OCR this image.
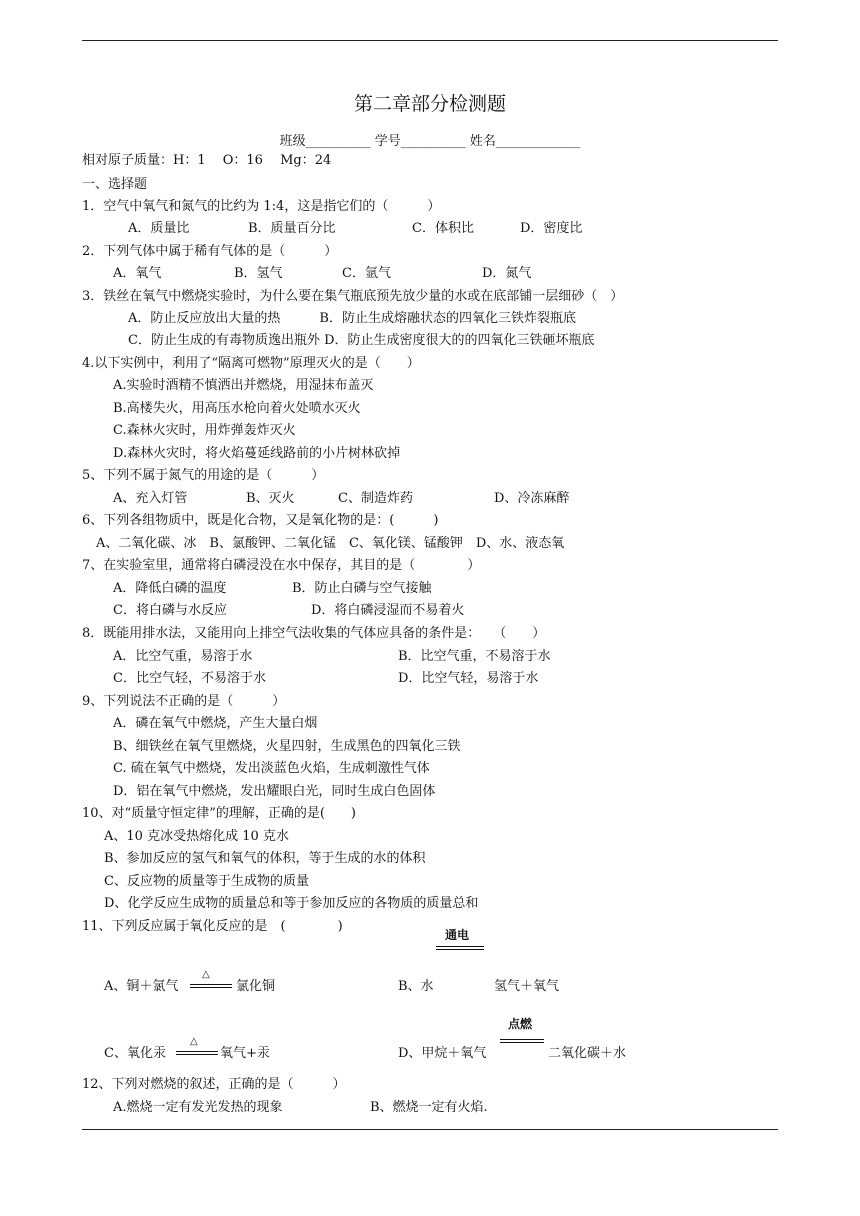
第二章部分检测题
班级__________ 学号__________ 姓名_____________
相对原子质量：H：1　 O：16　 Mg：24
一、选择题
1．空气中氧气和氮气的比约为 1:4，这是指它们的（　　　）
A．质量比	B．质量百分比	C．体积比	D．密度比
2．下列气体中属于稀有气体的是（　　　）
A．氧气	B．氢气	C．氩气	D．氮气
3．铁丝在氧气中燃烧实验时，为什么要在集气瓶底预先放少量的水或在底部铺一层细砂（　）
A．防止反应放出大量的热　　　B．防止生成熔融状态的四氧化三铁炸裂瓶底
C．防止生成的有毒物质逸出瓶外 D．防止生成密度很大的的四氧化三铁砸坏瓶底
4.以下实例中，利用了“隔离可燃物”原理灭火的是（　　）
A.实验时酒精不慎洒出并燃烧，用湿抹布盖灭
B.高楼失火，用高压水枪向着火处喷水灭火
C.森林火灾时，用炸弹轰炸灭火
D.森林火灾时，将火焰蔓延线路前的小片树林砍掉
5、下列不属于氮气的用途的是（　　　）
A、充入灯管	B、灭火	C、制造炸药	D、冷冻麻醉
6、下列各组物质中，既是化合物，又是氧化物的是：(　　　)
A、二氧化碳、冰　B、氯酸钾、二氧化锰　C、氧化镁、锰酸钾　D、水、液态氧
7、在实验室里，通常将白磷浸没在水中保存，其目的是（　　　　）
A．降低白磷的温度	B．防止白磷与空气接触
C．将白磷与水反应	D．将白磷浸湿而不易着火
8．既能用排水法，又能用向上排空气法收集的气体应具备的条件是：　　（　　）
A．比空气重，易溶于水	B．比空气重，不易溶于水
C．比空气轻，不易溶于水	D．比空气轻，易溶于水
9、下列说法不正确的是（　　　）
A．磷在氧气中燃烧，产生大量白烟
B、细铁丝在氧气里燃烧，火星四射，生成黑色的四氧化三铁
C. 硫在氧气中燃烧，发出淡蓝色火焰，生成刺激性气体
D．铝在氧气中燃烧，发出耀眼白光，同时生成白色固体
10、对“质量守恒定律”的理解，正确的是(　　)
A、10 克冰受热熔化成 10 克水
B、参加反应的氢气和氧气的体积，等于生成的水的体积
C、反应物的质量等于生成物的质量
D、化学反应生成物的质量总和等于参加反应的各物质的质量总和
11、下列反应属于氧化反应的是　(　　　　)
A、铜＋氯气
△
氯化铜
通电
B、水	氢气＋氧气
C、氧化汞
△
氧气+汞
点燃
D、甲烷＋氧气	二氧化碳＋水
12、下列对燃烧的叙述，正确的是（　　　）
A.燃烧一定有发光发热的现象	B、燃烧一定有火焰.
